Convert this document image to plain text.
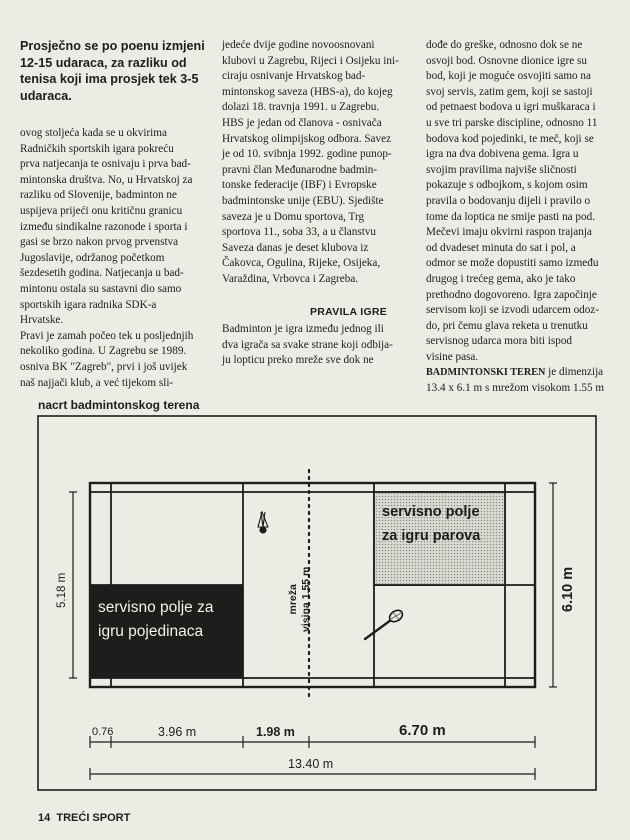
Prosječno se po poenu izmjeni 12-15 udaraca, za razliku od tenisa koji ima prosjek tek 3-5 udaraca.

ovog stoljeća kada se u okvirima
Radničkih sportskih igara pokreću
prva natjecanja te osnivaju i prva bad-
mintonska društva. No, u Hrvatskoj za
razliku od Slovenije, badminton ne
uspijeva prijeći onu kritičnu granicu
između sindikalne razonode i sporta i
gasi se brzo nakon prvog prvenstva
Jugoslavije, održanog početkom
šezdesetih godina. Natjecanja u bad-
mintonu ostala su sastavni dio samo
sportskih igara radnika SDK-a
Hrvatske.

Pravi je zamah počeo tek u posljednjih
nekoliko godina. U Zagrebu se 1989.
osniva BK "Zagreb", prvi i još uvijek
naš najjači klub, a već tijekom sli-

jedeće dvije godine novoosnovani
klubovi u Zagrebu, Rijeci i Osijeku ini-
ciraju osnivanje Hrvatskog bad-
mintonskog saveza (HBS-a), do kojeg
dolazi 18. travnja 1991. u Zagrebu.
HBS je jedan od članova - osnivača
Hrvatskog olimpijskog odbora. Savez
je od 10. svibnja 1992. godine punop-
pravni član Međunarodne badmin-
tonske federacije (IBF) i Evropske
badmintonske unije (EBU). Sjedište
saveza je u Domu sportova, Trg
sportova 11., soba 33, a u članstvu
Saveza danas je deset klubova iz
Čakovca, Ogulina, Rijeke, Osijeka,
Varaždina, Vrbovca i Zagreba.

PRAVILA IGRE
Badminton je igra između jednog ili
dva igrača sa svake strane koji odbija-
ju lopticu preko mreže sve dok ne

dođe do greške, odnosno dok se ne
osvoji bod. Osnovne dionice igre su
bod, koji je moguće osvojiti samo na
svoj servis, zatim gem, koji se sastoji
od petnaest bodova u igri muškaraca i
u sve tri parske discipline, odnosno 11
bodova kod pojedinki, te meč, koji se
igra na dva dobivena gema. Igra u
svojim pravilima najviše sličnosti
pokazuje s odbojkom, s kojom osim
pravila o bodovanju dijeli i pravilo o
tome da loptica ne smije pasti na pod.
Mečevi imaju okvirni raspon trajanja
od dvadeset minuta do sat i pol, a
odmor se može dopustiti samo između
drugog i trećeg gema, ako je tako
prethodno dogovoreno. Igra započinje
servisom koji se izvodi udarcem odoz-
do, pri čemu glava reketa u trenutku
servisnog udarca mora biti ispod
visine pasa.

BADMINTONSKI TEREN je dimenzija
13.4 x 6.1 m s mrežom visokom 1.55 m

nacrt badmintonskog terena
servisno polje za
igru pojedinaca
servisno polje
za igru parova
mreža visina 1.55 m
5.18 m	6.10 m
0.76	3.96 m	1.98 m	6.70 m
13.40 m
14 TREĆI SPORT
